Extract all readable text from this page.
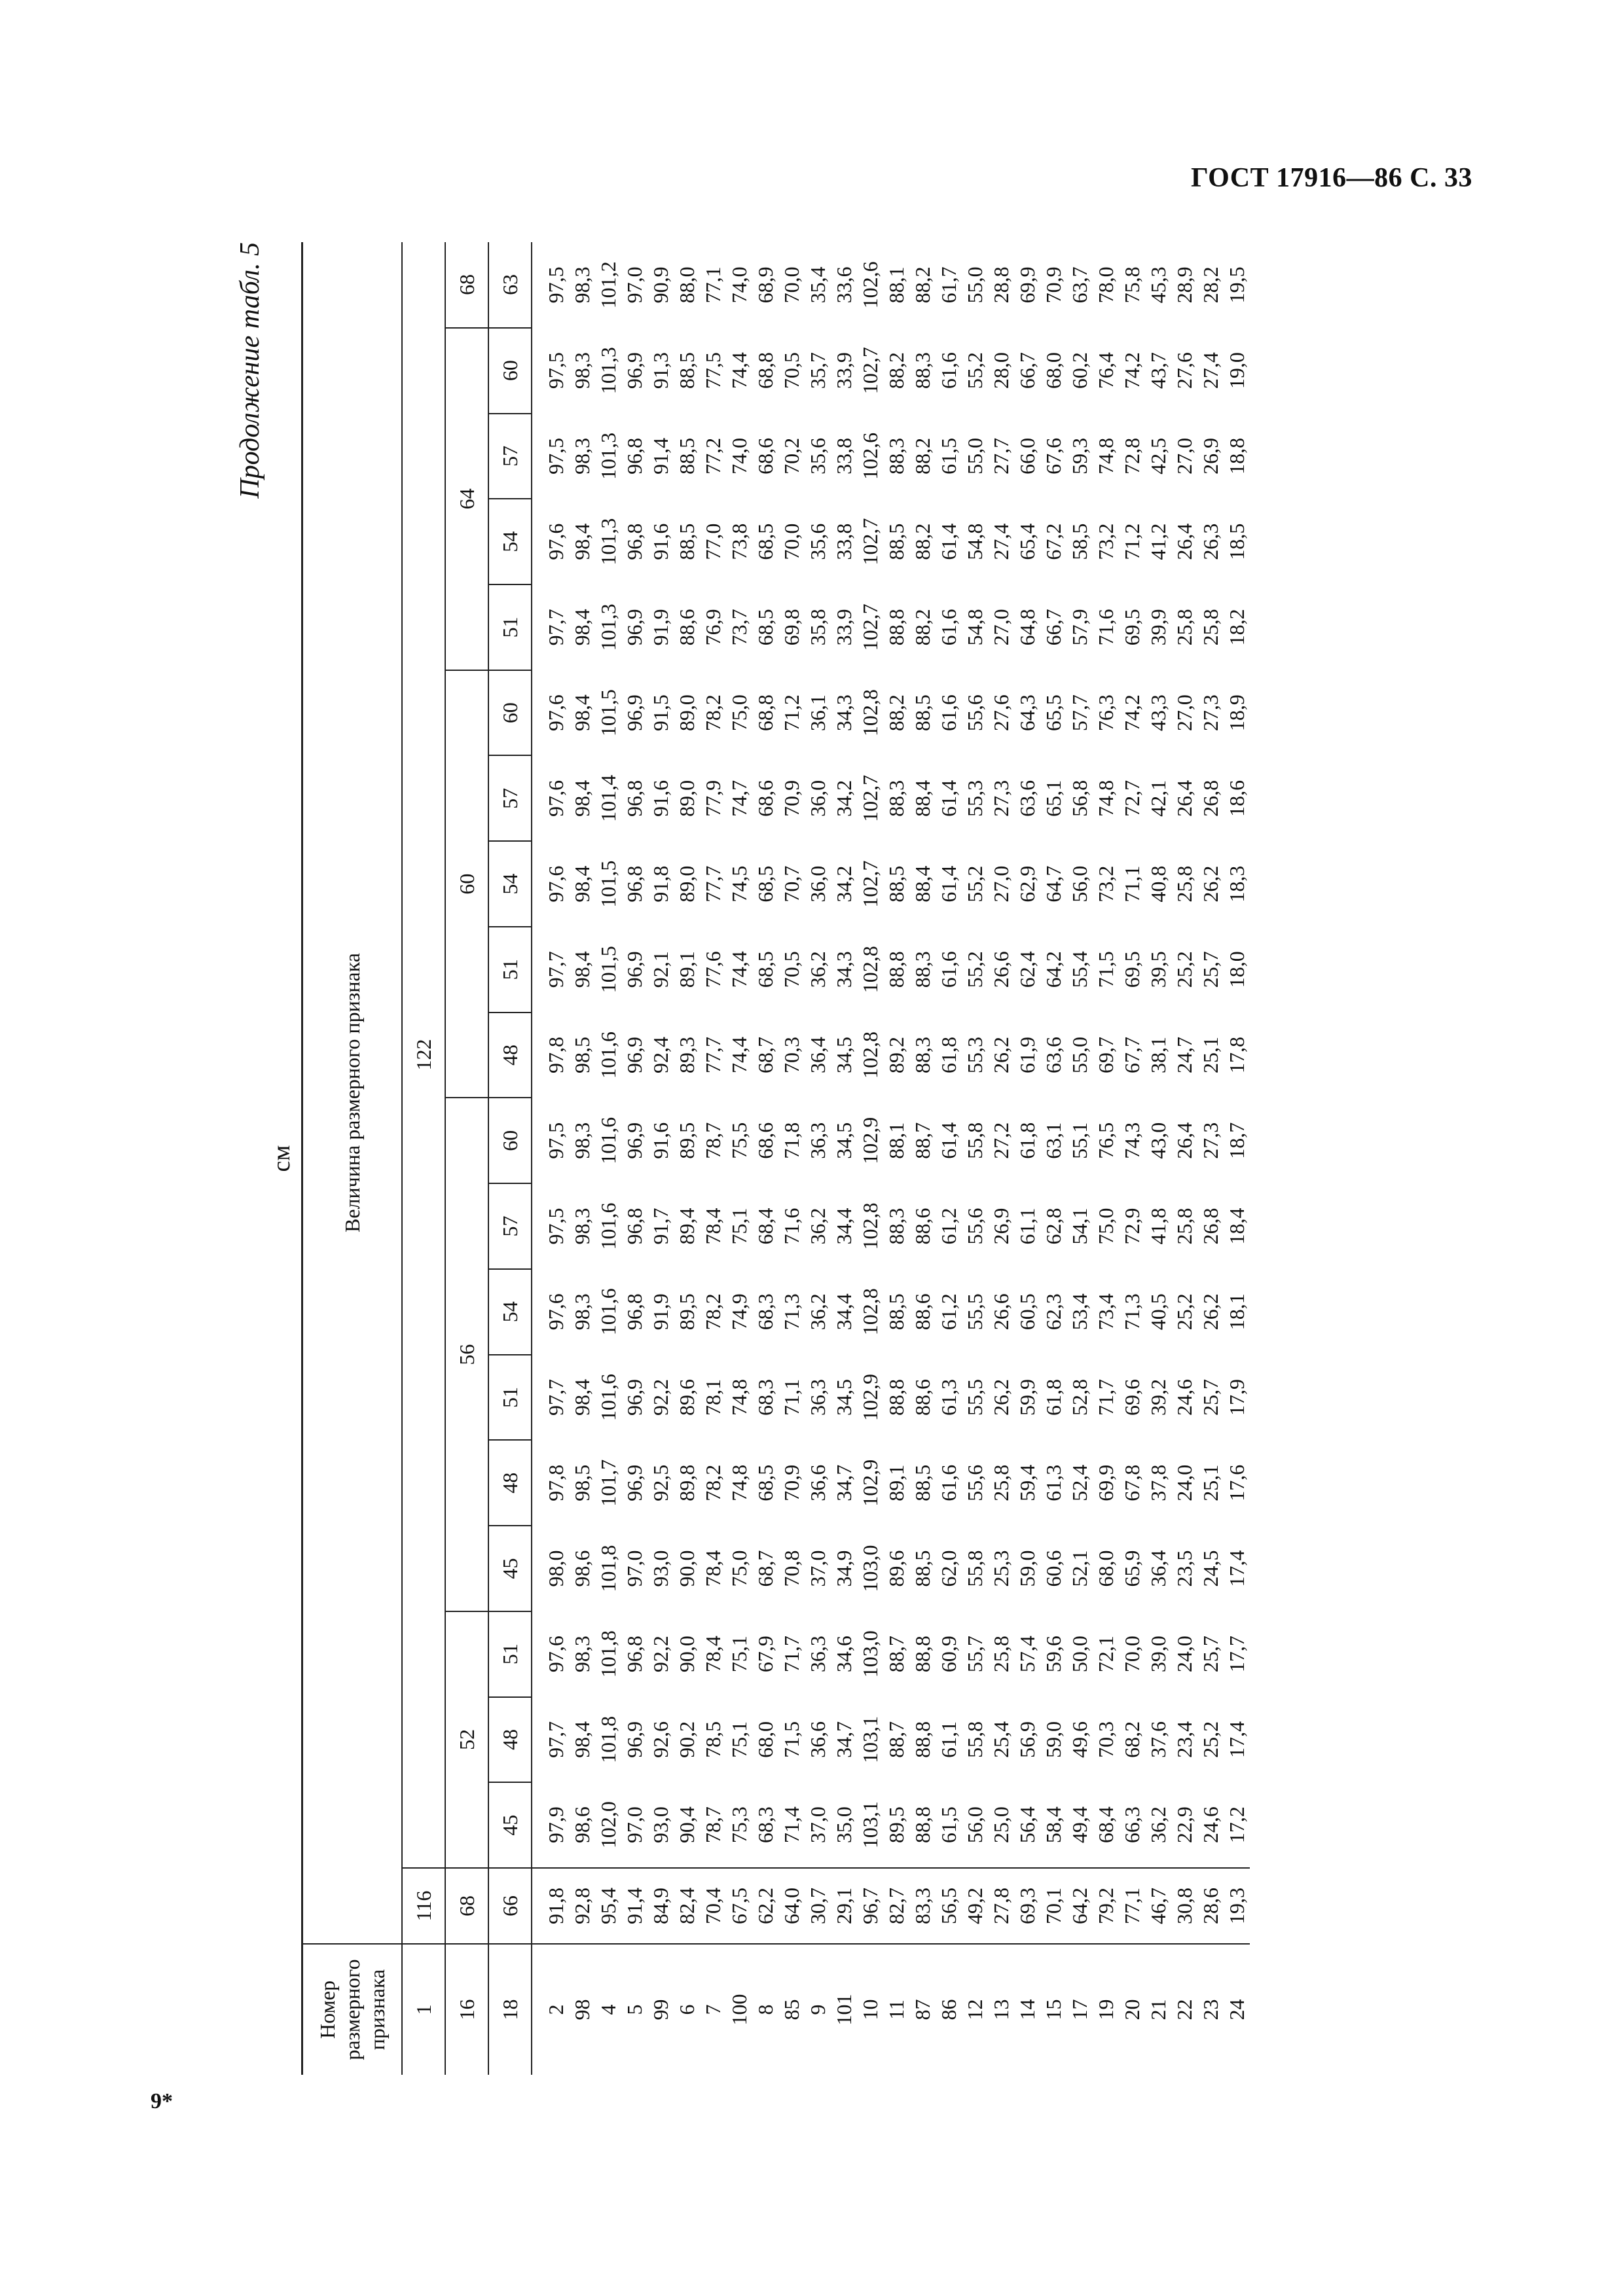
ГОСТ 17916—86 С. 33
9*
Продолжение табл. 5
см
Номер размерного признака	Величина размерного признака																			
1	116	122																		
16	68	52			56						60					64				68
18	66	45	48	51	45	48	51	54	57	60	48	51	54	57	60	51	54	57	60	63
2	91,8	97,9	97,7	97,6	98,0	97,8	97,7	97,6	97,5	97,5	97,8	97,7	97,6	97,6	97,6	97,7	97,6	97,5	97,5	97,5
98	92,8	98,6	98,4	98,3	98,6	98,5	98,4	98,3	98,3	98,3	98,5	98,4	98,4	98,4	98,4	98,4	98,4	98,3	98,3	98,3
4	95,4	102,0	101,8	101,8	101,8	101,7	101,6	101,6	101,6	101,6	101,6	101,5	101,5	101,4	101,5	101,3	101,3	101,3	101,3	101,2
5	91,4	97,0	96,9	96,8	97,0	96,9	96,9	96,8	96,8	96,9	96,9	96,9	96,8	96,8	96,9	96,9	96,8	96,8	96,9	97,0
99	84,9	93,0	92,6	92,2	93,0	92,5	92,2	91,9	91,7	91,6	92,4	92,1	91,8	91,6	91,5	91,9	91,6	91,4	91,3	90,9
6	82,4	90,4	90,2	90,0	90,0	89,8	89,6	89,5	89,4	89,5	89,3	89,1	89,0	89,0	89,0	88,6	88,5	88,5	88,5	88,0
7	70,4	78,7	78,5	78,4	78,4	78,2	78,1	78,2	78,4	78,7	77,7	77,6	77,7	77,9	78,2	76,9	77,0	77,2	77,5	77,1
100	67,5	75,3	75,1	75,1	75,0	74,8	74,8	74,9	75,1	75,5	74,4	74,4	74,5	74,7	75,0	73,7	73,8	74,0	74,4	74,0
8	62,2	68,3	68,0	67,9	68,7	68,5	68,3	68,3	68,4	68,6	68,7	68,5	68,5	68,6	68,8	68,5	68,5	68,6	68,8	68,9
85	64,0	71,4	71,5	71,7	70,8	70,9	71,1	71,3	71,6	71,8	70,3	70,5	70,7	70,9	71,2	69,8	70,0	70,2	70,5	70,0
9	30,7	37,0	36,6	36,3	37,0	36,6	36,3	36,2	36,2	36,3	36,4	36,2	36,0	36,0	36,1	35,8	35,6	35,6	35,7	35,4
101	29,1	35,0	34,7	34,6	34,9	34,7	34,5	34,4	34,4	34,5	34,5	34,3	34,2	34,2	34,3	33,9	33,8	33,8	33,9	33,6
10	96,7	103,1	103,1	103,0	103,0	102,9	102,9	102,8	102,8	102,9	102,8	102,8	102,7	102,7	102,8	102,7	102,7	102,6	102,7	102,6
11	82,7	89,5	88,7	88,7	89,6	89,1	88,8	88,5	88,3	88,1	89,2	88,8	88,5	88,3	88,2	88,8	88,5	88,3	88,2	88,1
87	83,3	88,8	88,8	88,8	88,5	88,5	88,6	88,6	88,6	88,7	88,3	88,3	88,4	88,4	88,5	88,2	88,2	88,2	88,3	88,2
86	56,5	61,5	61,1	60,9	62,0	61,6	61,3	61,2	61,2	61,4	61,8	61,6	61,4	61,4	61,6	61,6	61,4	61,5	61,6	61,7
12	49,2	56,0	55,8	55,7	55,8	55,6	55,5	55,5	55,6	55,8	55,3	55,2	55,2	55,3	55,6	54,8	54,8	55,0	55,2	55,0
13	27,8	25,0	25,4	25,8	25,3	25,8	26,2	26,6	26,9	27,2	26,2	26,6	27,0	27,3	27,6	27,0	27,4	27,7	28,0	28,8
14	69,3	56,4	56,9	57,4	59,0	59,4	59,9	60,5	61,1	61,8	61,9	62,4	62,9	63,6	64,3	64,8	65,4	66,0	66,7	69,9
15	70,1	58,4	59,0	59,6	60,6	61,3	61,8	62,3	62,8	63,1	63,6	64,2	64,7	65,1	65,5	66,7	67,2	67,6	68,0	70,9
17	64,2	49,4	49,6	50,0	52,1	52,4	52,8	53,4	54,1	55,1	55,0	55,4	56,0	56,8	57,7	57,9	58,5	59,3	60,2	63,7
19	79,2	68,4	70,3	72,1	68,0	69,9	71,7	73,4	75,0	76,5	69,7	71,5	73,2	74,8	76,3	71,6	73,2	74,8	76,4	78,0
20	77,1	66,3	68,2	70,0	65,9	67,8	69,6	71,3	72,9	74,3	67,7	69,5	71,1	72,7	74,2	69,5	71,2	72,8	74,2	75,8
21	46,7	36,2	37,6	39,0	36,4	37,8	39,2	40,5	41,8	43,0	38,1	39,5	40,8	42,1	43,3	39,9	41,2	42,5	43,7	45,3
22	30,8	22,9	23,4	24,0	23,5	24,0	24,6	25,2	25,8	26,4	24,7	25,2	25,8	26,4	27,0	25,8	26,4	27,0	27,6	28,9
23	28,6	24,6	25,2	25,7	24,5	25,1	25,7	26,2	26,8	27,3	25,1	25,7	26,2	26,8	27,3	25,8	26,3	26,9	27,4	28,2
24	19,3	17,2	17,4	17,7	17,4	17,6	17,9	18,1	18,4	18,7	17,8	18,0	18,3	18,6	18,9	18,2	18,5	18,8	19,0	19,5
